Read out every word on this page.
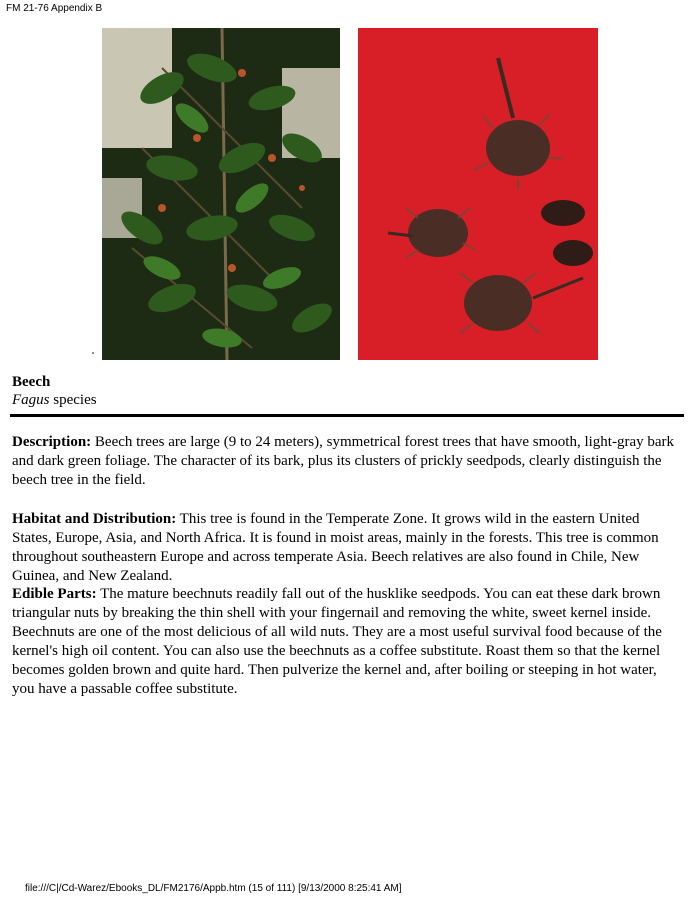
FM 21-76 Appendix B
Beech
Fagus species

Description: Beech trees are large (9 to 24 meters), symmetrical forest trees that have smooth, light-gray bark and dark green foliage. The character of its bark, plus its clusters of prickly seedpods, clearly distinguish the beech tree in the field.

Habitat and Distribution: This tree is found in the Temperate Zone. It grows wild in the eastern United States, Europe, Asia, and North Africa. It is found in moist areas, mainly in the forests. This tree is common throughout southeastern Europe and across temperate Asia. Beech relatives are also found in Chile, New Guinea, and New Zealand.

Edible Parts: The mature beechnuts readily fall out of the husklike seedpods. You can eat these dark brown triangular nuts by breaking the thin shell with your fingernail and removing the white, sweet kernel inside. Beechnuts are one of the most delicious of all wild nuts. They are a most useful survival food because of the kernel's high oil content. You can also use the beechnuts as a coffee substitute. Roast them so that the kernel becomes golden brown and quite hard. Then pulverize the kernel and, after boiling or steeping in hot water, you have a passable coffee substitute.

file:///C|/Cd-Warez/Ebooks_DL/FM2176/Appb.htm (15 of 111) [9/13/2000 8:25:41 AM]
